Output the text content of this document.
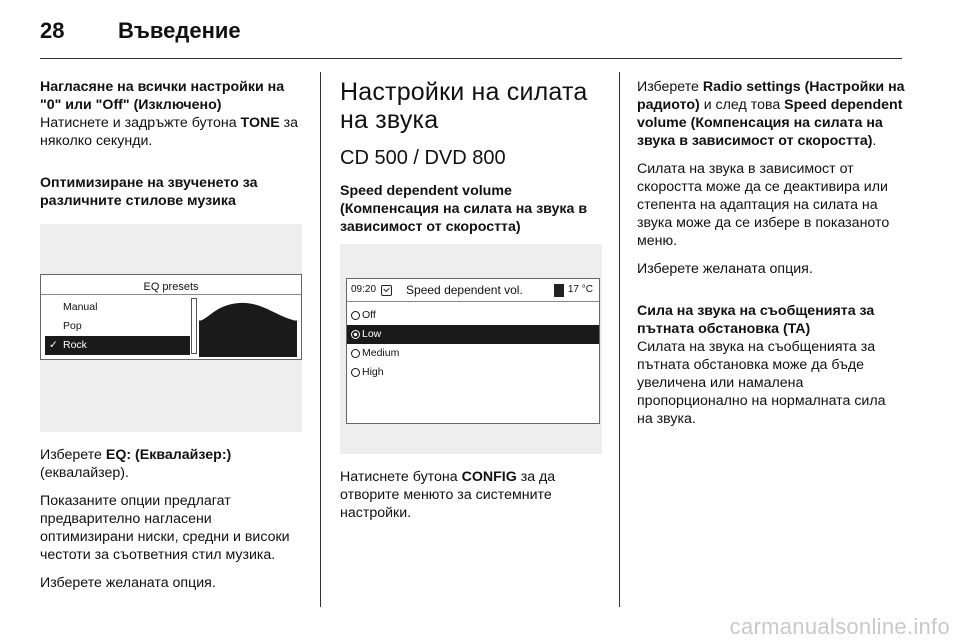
28	Въведение

Нагласяне на всички настройки на "0" или "Off" (Изключено)

Натиснете и задръжте бутона TONE за няколко секунди.

Оптимизиране на звученето за различните стилове музика

EQ presets
Manual
Pop
✓ Rock

Изберете EQ: (Еквалайзер:) (еквалайзер).

Показаните опции предлагат предварително нагласени оптимизирани ниски, средни и високи честоти за съответния стил музика.

Изберете желаната опция.

Настройки на силата на звука
CD 500 / DVD 800

Speed dependent volume (Компенсация на силата на звука в зависимост от скоростта)

09:20	Speed dependent vol.	17 °C
Off
Low
Medium
High

Натиснете бутона CONFIG за да отворите менюто за системните настройки.

Изберете Radio settings (Настройки на радиото) и след това Speed dependent volume (Компенсация на силата на звука в зависимост от скоростта).

Силата на звука в зависимост от скоростта може да се деактивира или степента на адаптация на силата на звука може да се избере в показаното меню.

Изберете желаната опция.

Сила на звука на съобщенията за пътната обстановка (TA)

Силата на звука на съобщенията за пътната обстановка може да бъде увеличена или намалена пропорционално на нормалната сила на звука.

carmanualsonline.info
